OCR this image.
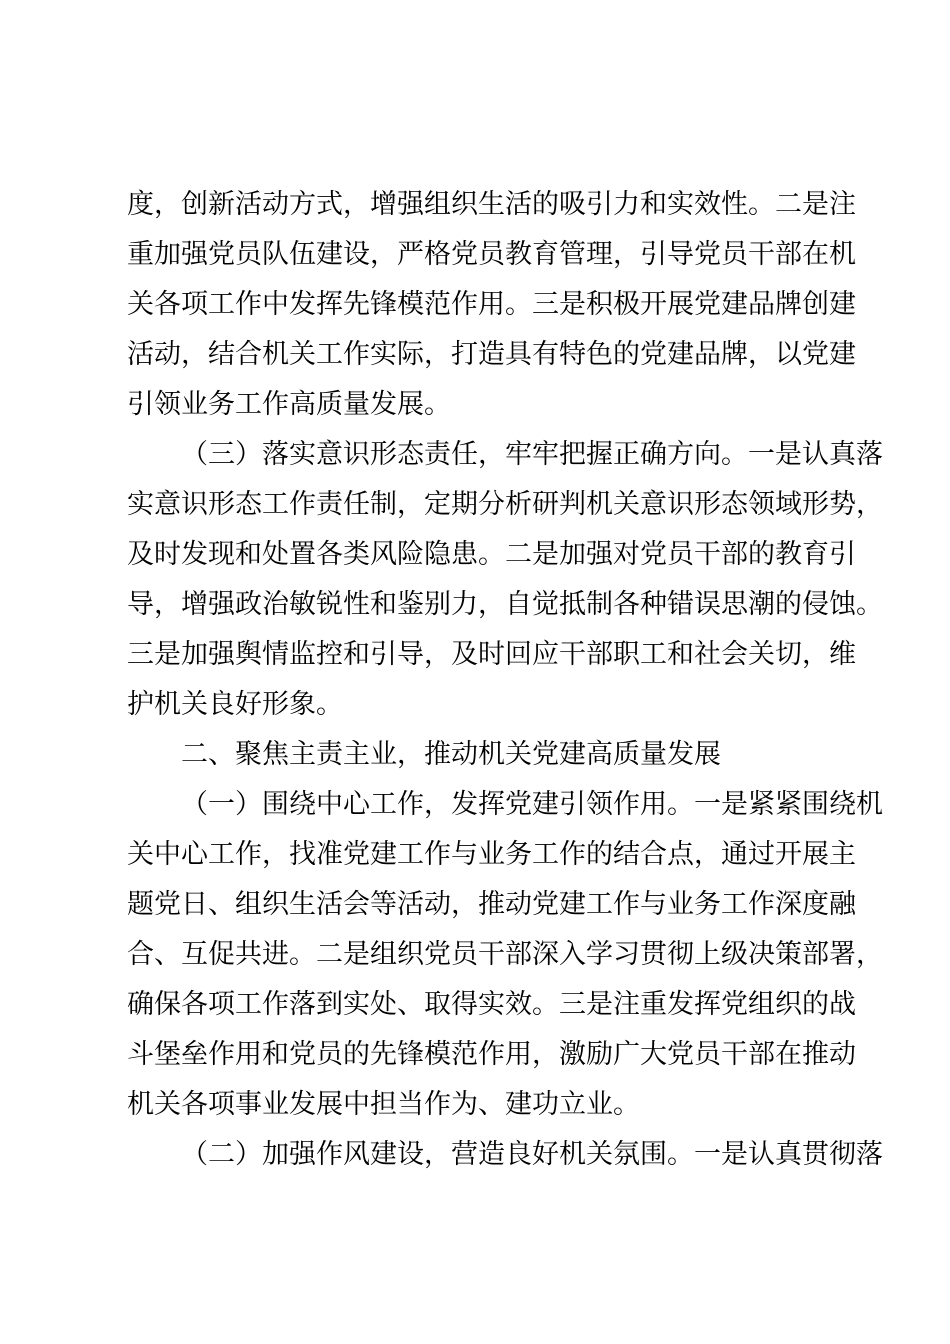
度，创新活动方式，增强组织生活的吸引力和实效性。二是注
重加强党员队伍建设，严格党员教育管理，引导党员干部在机
关各项工作中发挥先锋模范作用。三是积极开展党建品牌创建
活动，结合机关工作实际，打造具有特色的党建品牌，以党建
引领业务工作高质量发展。
（三）落实意识形态责任，牢牢把握正确方向。一是认真落
实意识形态工作责任制，定期分析研判机关意识形态领域形势，
及时发现和处置各类风险隐患。二是加强对党员干部的教育引
导，增强政治敏锐性和鉴别力，自觉抵制各种错误思潮的侵蚀。
三是加强舆情监控和引导，及时回应干部职工和社会关切，维
护机关良好形象。
二、聚焦主责主业，推动机关党建高质量发展
（一）围绕中心工作，发挥党建引领作用。一是紧紧围绕机
关中心工作，找准党建工作与业务工作的结合点，通过开展主
题党日、组织生活会等活动，推动党建工作与业务工作深度融
合、互促共进。二是组织党员干部深入学习贯彻上级决策部署，
确保各项工作落到实处、取得实效。三是注重发挥党组织的战
斗堡垒作用和党员的先锋模范作用，激励广大党员干部在推动
机关各项事业发展中担当作为、建功立业。
（二）加强作风建设，营造良好机关氛围。一是认真贯彻落
